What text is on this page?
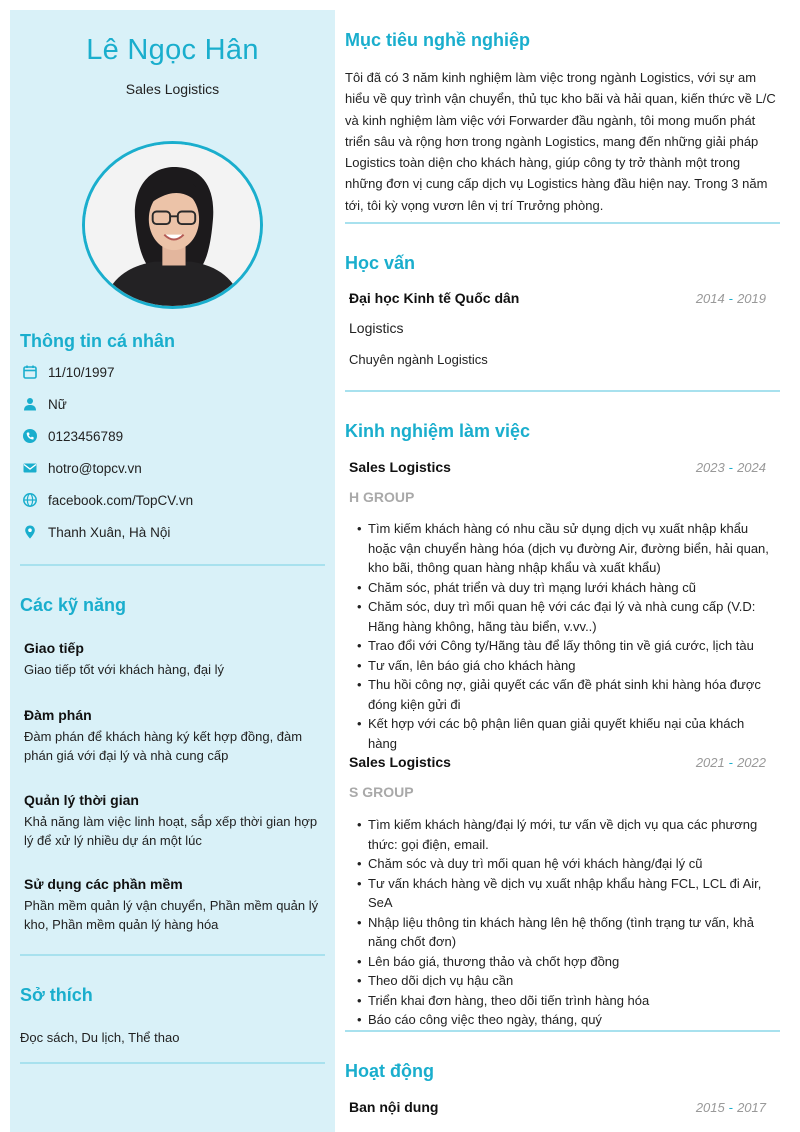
Lê Ngọc Hân
Sales Logistics
Thông tin cá nhân
11/10/1997
Nữ
0123456789
hotro@topcv.vn
facebook.com/TopCV.vn
Thanh Xuân, Hà Nội
Các kỹ năng
Giao tiếp
Giao tiếp tốt với khách hàng, đại lý
Đàm phán
Đàm phán để khách hàng ký kết hợp đồng, đàm phán giá với đại lý và nhà cung cấp
Quản lý thời gian
Khả năng làm việc linh hoạt, sắp xếp thời gian hợp lý để xử lý nhiều dự án một lúc
Sử dụng các phần mềm
Phần mềm quản lý vận chuyển, Phần mềm quản lý kho, Phần mềm quản lý hàng hóa
Sở thích
Đọc sách, Du lịch, Thể thao
Mục tiêu nghề nghiệp

Tôi đã có 3 năm kinh nghiệm làm việc trong ngành Logistics, với sự am hiểu về quy trình vận chuyển, thủ tục kho bãi và hải quan, kiến thức về L/C và kinh nghiệm làm việc với Forwarder đầu ngành, tôi mong muốn phát triển sâu và rộng hơn trong ngành Logistics, mang đến những giải pháp Logistics toàn diện cho khách hàng, giúp công ty trở thành một trong những đơn vị cung cấp dịch vụ Logistics hàng đầu hiện nay. Trong 3 năm tới, tôi kỳ vọng vươn lên vị trí Trưởng phòng.

Học vấn
Đại học Kinh tế Quốc dân	2014 - 2019
Logistics
Chuyên ngành Logistics
Kinh nghiệm làm việc
Sales Logistics	2023 - 2024
H GROUP
• Tìm kiếm khách hàng có nhu cầu sử dụng dịch vụ xuất nhập khẩu hoặc vận chuyển hàng hóa (dịch vụ đường Air, đường biển, hải quan, kho bãi, thông quan hàng nhập khẩu và xuất khẩu)
• Chăm sóc, phát triển và duy trì mạng lưới khách hàng cũ
• Chăm sóc, duy trì mối quan hệ với các đại lý và nhà cung cấp (V.D: Hãng hàng không, hãng tàu biển, v.vv..)
• Trao đổi với Công ty/Hãng tàu để lấy thông tin về giá cước, lịch tàu
• Tư vấn, lên báo giá cho khách hàng
• Thu hồi công nợ, giải quyết các vấn đề phát sinh khi hàng hóa được đóng kiện gửi đi
• Kết hợp với các bộ phận liên quan giải quyết khiếu nại của khách hàng
Sales Logistics	2021 - 2022
S GROUP
• Tìm kiếm khách hàng/đại lý mới, tư vấn về dịch vụ qua các phương thức: gọi điện, email.
• Chăm sóc và duy trì mối quan hệ với khách hàng/đại lý cũ
• Tư vấn khách hàng về dịch vụ xuất nhập khẩu hàng FCL, LCL đi Air, SeA
• Nhập liệu thông tin khách hàng lên hệ thống (tình trạng tư vấn, khả năng chốt đơn)
• Lên báo giá, thương thảo và chốt hợp đồng
• Theo dõi dịch vụ hậu cần
• Triển khai đơn hàng, theo dõi tiến trình hàng hóa
• Báo cáo công việc theo ngày, tháng, quý
Hoạt động
Ban nội dung	2015 - 2017
